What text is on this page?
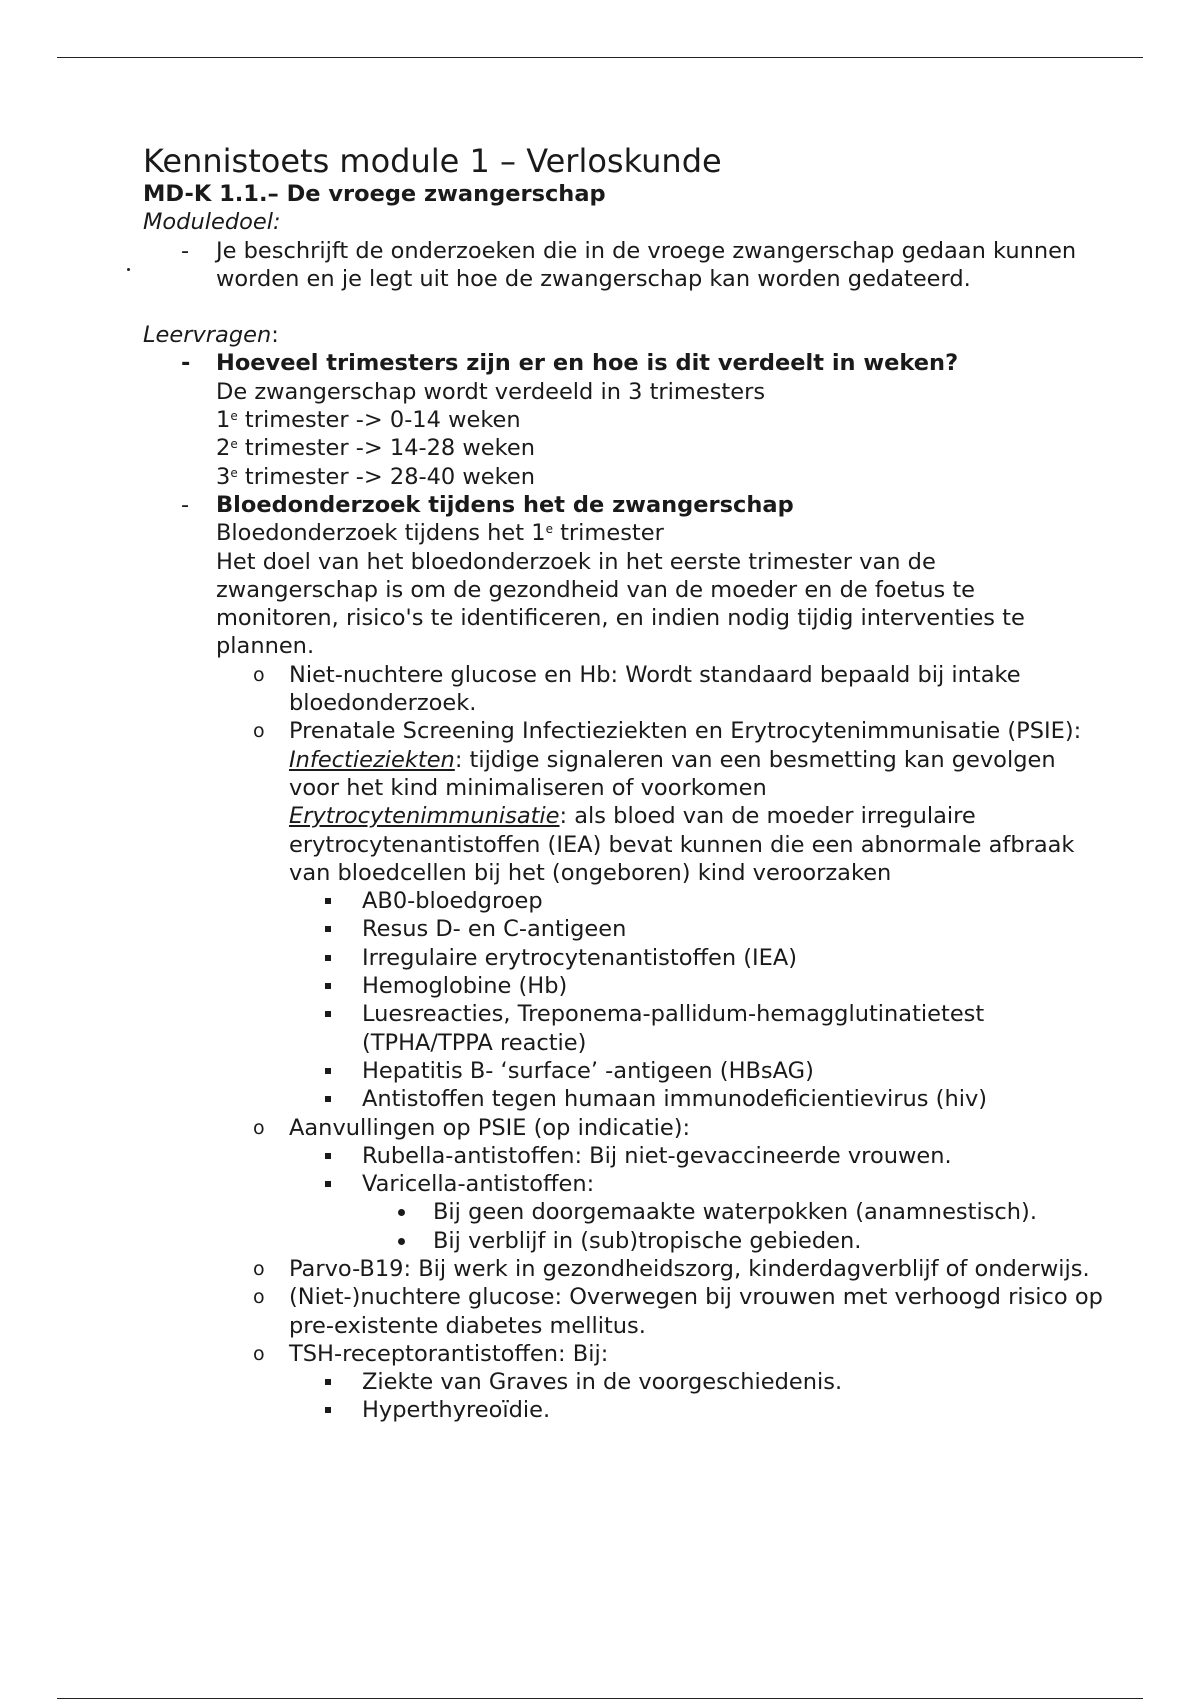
Kennistoets module 1 – Verloskunde
MD-K 1.1.– De vroege zwangerschap
Moduledoel:
- Je beschrijft de onderzoeken die in de vroege zwangerschap gedaan kunnen worden en je legt uit hoe de zwangerschap kan worden gedateerd.
Leervragen:
- Hoeveel trimesters zijn er en hoe is dit verdeelt in weken?
De zwangerschap wordt verdeeld in 3 trimesters
1e trimester -> 0-14 weken
2e trimester -> 14-28 weken
3e trimester -> 28-40 weken
- Bloedonderzoek tijdens het de zwangerschap
Bloedonderzoek tijdens het 1e trimester
Het doel van het bloedonderzoek in het eerste trimester van de zwangerschap is om de gezondheid van de moeder en de foetus te monitoren, risico's te identificeren, en indien nodig tijdig interventies te plannen.
o Niet-nuchtere glucose en Hb: Wordt standaard bepaald bij intake bloedonderzoek.
o Prenatale Screening Infectieziekten en Erytrocytenimmunisatie (PSIE):
Infectieziekten: tijdige signaleren van een besmetting kan gevolgen voor het kind minimaliseren of voorkomen
Erytrocytenimmunisatie: als bloed van de moeder irregulaire erytrocytenantistoffen (IEA) bevat kunnen die een abnormale afbraak van bloedcellen bij het (ongeboren) kind veroorzaken
AB0-bloedgroep
Resus D- en C-antigeen
Irregulaire erytrocytenantistoffen (IEA)
Hemoglobine (Hb)
Luesreacties, Treponema-pallidum-hemagglutinatietest (TPHA/TPPA reactie)
Hepatitis B- ‘surface’ -antigeen (HBsAG)
Antistoffen tegen humaan immunodeficientievirus (hiv)
o Aanvullingen op PSIE (op indicatie):
Rubella-antistoffen: Bij niet-gevaccineerde vrouwen.
Varicella-antistoffen:
Bij geen doorgemaakte waterpokken (anamnestisch).
Bij verblijf in (sub)tropische gebieden.
o Parvo-B19: Bij werk in gezondheidszorg, kinderdagverblijf of onderwijs.
o (Niet-)nuchtere glucose: Overwegen bij vrouwen met verhoogd risico op pre-existente diabetes mellitus.
o TSH-receptorantistoffen: Bij:
Ziekte van Graves in de voorgeschiedenis.
Hyperthyreoïdie.
